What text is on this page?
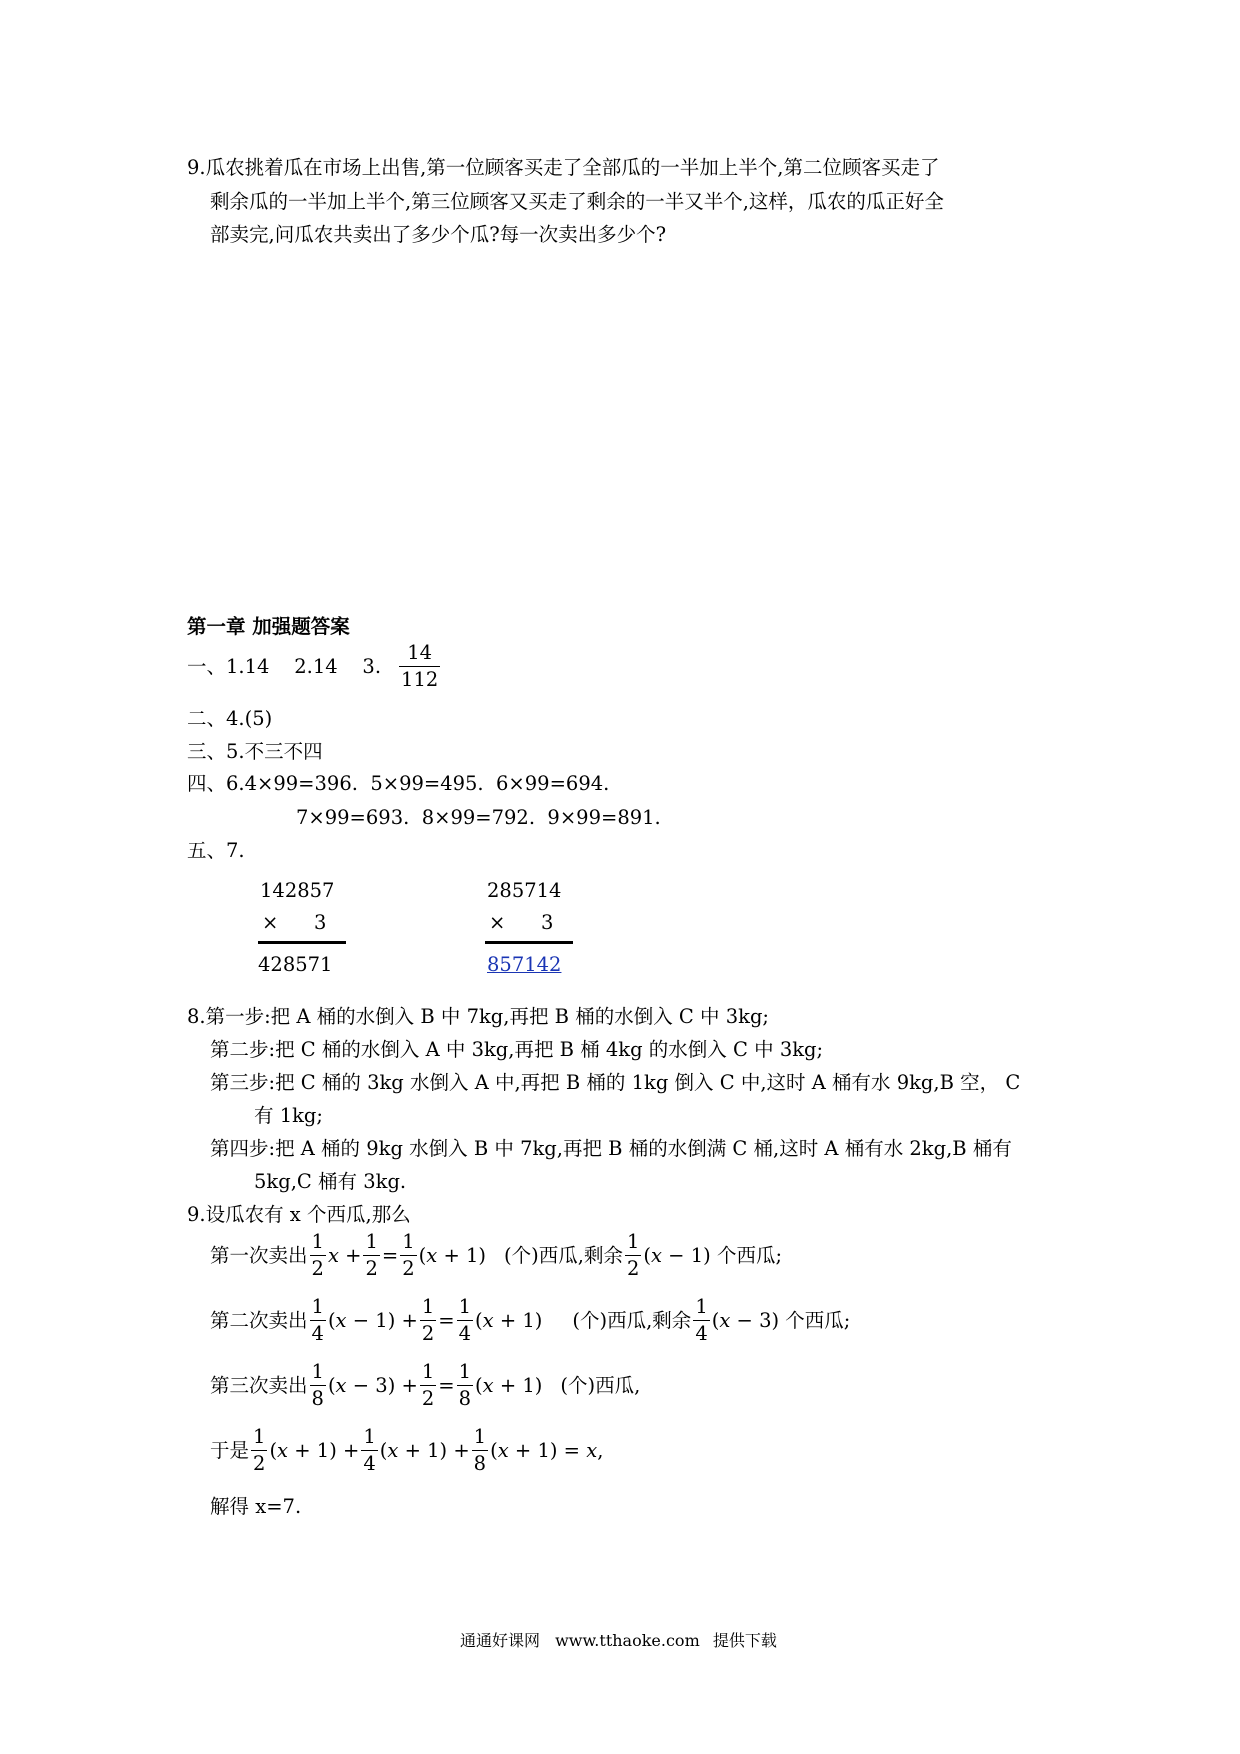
9.瓜农挑着瓜在市场上出售,第一位顾客买走了全部瓜的一半加上半个,第二位顾客买走了
剩余瓜的一半加上半个,第三位顾客又买走了剩余的一半又半个,这样，瓜农的瓜正好全
部卖完,问瓜农共卖出了多少个瓜?每一次卖出多少个?
第一章 加强题答案
一、1.14    2.14    3. $\frac{14}{112}$
二、4.(5)
三、5.不三不四
四、6.4×99=396.  5×99=495.  6×99=694.
7×99=693.  8×99=792.  9×99=891.
五、7.
142857
× 3
428571
285714
× 3
857142
8.第一步:把 A 桶的水倒入 B 中 7kg,再把 B 桶的水倒入 C 中 3kg;
第二步:把 C 桶的水倒入 A 中 3kg,再把 B 桶 4kg 的水倒入 C 中 3kg;
第三步:把 C 桶的 3kg 水倒入 A 中,再把 B 桶的 1kg 倒入 C 中,这时 A 桶有水 9kg,B 空， C
有 1kg;
第四步:把 A 桶的 9kg 水倒入 B 中 7kg,再把 B 桶的水倒满 C 桶,这时 A 桶有水 2kg,B 桶有
5kg,C 桶有 3kg.
9.设瓜农有 x 个西瓜,那么
第一次卖出 $\frac{1}{2}$ $x + \frac{1}{2} = \frac{1}{2} (x + 1)$ (个)西瓜,剩余 $\frac{1}{2} (x - 1)$ 个西瓜;
第二次卖出 $\frac{1}{4} (x - 1) + \frac{1}{2} = \frac{1}{4} (x + 1)$ (个)西瓜,剩余 $\frac{1}{4} (x - 3)$ 个西瓜;
第三次卖出 $\frac{1}{8} (x - 3) + \frac{1}{2} = \frac{1}{8} (x + 1)$ (个)西瓜,
于是 $\frac{1}{2} (x + 1) + \frac{1}{4} (x + 1) + \frac{1}{8} (x + 1) = x$,
解得 x=7.
通通好课网 www.tthaoke.com 提供下载
